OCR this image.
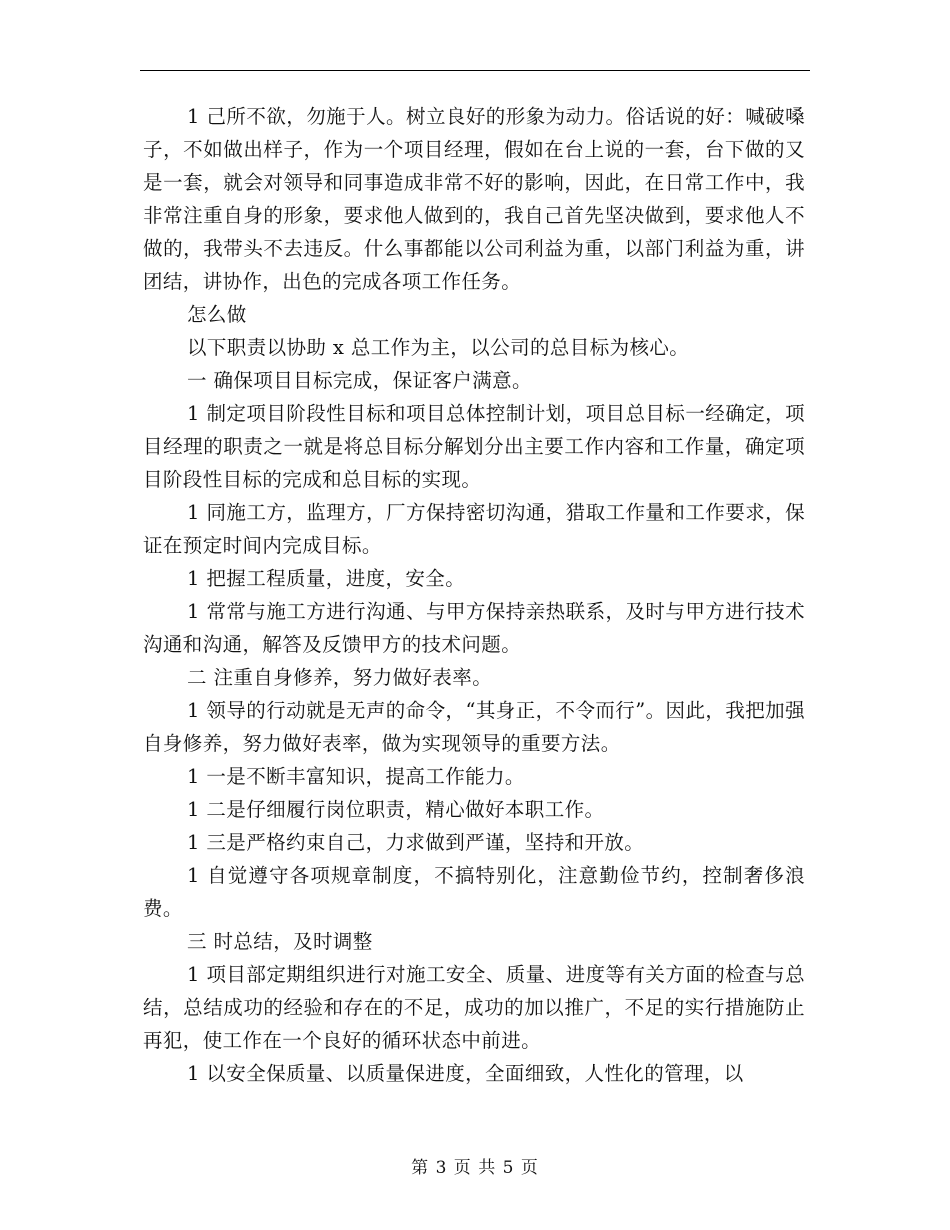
1 己所不欲，勿施于人。树立良好的形象为动力。俗话说的好：喊破嗓子，不如做出样子，作为一个项目经理，假如在台上说的一套，台下做的又是一套，就会对领导和同事造成非常不好的影响，因此，在日常工作中，我非常注重自身的形象，要求他人做到的，我自己首先坚决做到，要求他人不做的，我带头不去违反。什么事都能以公司利益为重，以部门利益为重，讲团结，讲协作，出色的完成各项工作任务。

怎么做

以下职责以协助 x 总工作为主，以公司的总目标为核心。

一 确保项目目标完成，保证客户满意。

1 制定项目阶段性目标和项目总体控制计划，项目总目标一经确定，项目经理的职责之一就是将总目标分解划分出主要工作内容和工作量，确定项目阶段性目标的完成和总目标的实现。

1 同施工方，监理方，厂方保持密切沟通，猎取工作量和工作要求，保证在预定时间内完成目标。

1 把握工程质量，进度，安全。

1 常常与施工方进行沟通、与甲方保持亲热联系，及时与甲方进行技术沟通和沟通，解答及反馈甲方的技术问题。

二 注重自身修养，努力做好表率。

1 领导的行动就是无声的命令，“其身正，不令而行”。因此，我把加强自身修养，努力做好表率，做为实现领导的重要方法。

1 一是不断丰富知识，提高工作能力。

1 二是仔细履行岗位职责，精心做好本职工作。

1 三是严格约束自己，力求做到严谨，坚持和开放。

1 自觉遵守各项规章制度，不搞特别化，注意勤俭节约，控制奢侈浪费。

三 时总结，及时调整

1 项目部定期组织进行对施工安全、质量、进度等有关方面的检查与总结，总结成功的经验和存在的不足，成功的加以推广，不足的实行措施防止再犯，使工作在一个良好的循环状态中前进。

1 以安全保质量、以质量保进度，全面细致，人性化的管理，以

第 3 页 共 5 页
